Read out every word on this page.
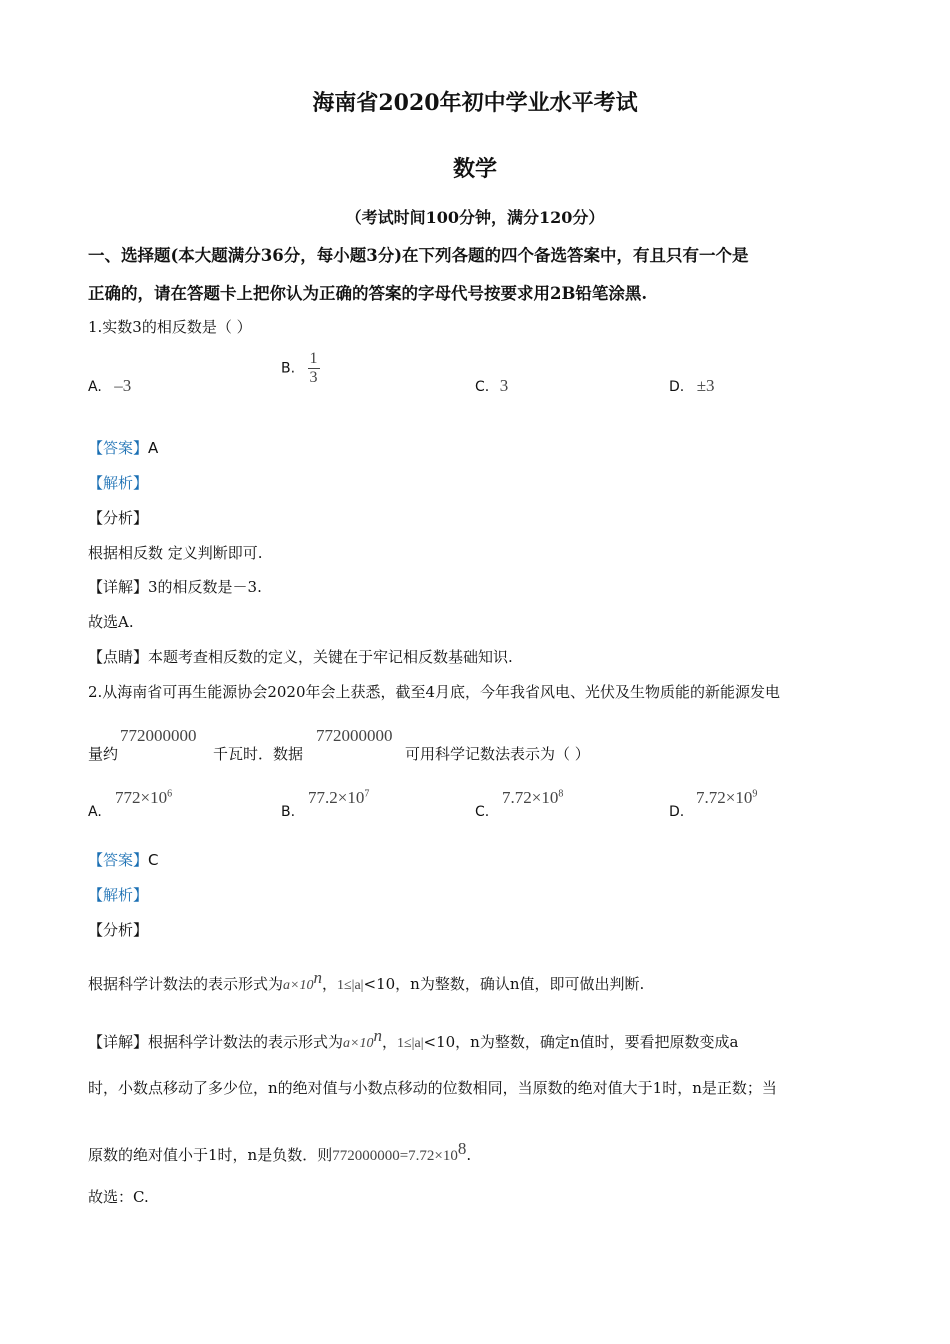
海南省2020年初中学业水平考试
数学
（考试时间100分钟，满分120分）
一、选择题(本大题满分36分，每小题3分)在下列各题的四个备选答案中，有且只有一个是
正确的，请在答题卡上把你认为正确的答案的字母代号按要求用2B铅笔涂黑.
1.实数3的相反数是（ ）
A. –3
B. $\frac{1}{3}$	C. 3	D. ±3
【答案】A
【解析】
【分析】
根据相反数 定义判断即可.
【详解】3的相反数是－3.
故选A.
【点睛】本题考查相反数的定义，关键在于牢记相反数基础知识.
2.从海南省可再生能源协会2020年会上获悉，截至4月底，今年我省风电、光伏及生物质能的新能源发电
量约
772000000
千瓦时．数据
772000000
可用科学记数法表示为（ ）
A.
$772\times 10^6$
B.
$77.2\times 10^7$
C.
$7.72\times 10^8$
D.
$7.72\times 10^9$
【答案】C
【解析】
【分析】
根据科学计数法的表示形式为$a\times 10^n$，1≤|a|<10，n为整数，确认n值，即可做出判断.
【详解】根据科学计数法的表示形式为$a\times 10^n$，1≤|a|<10，n为整数，确定n值时，要看把原数变成a
时，小数点移动了多少位，n的绝对值与小数点移动的位数相同，当原数的绝对值大于1时，n是正数；当
原数的绝对值小于1时，n是负数．则$772000000=7.72\times 10^8$.
故选：C.
